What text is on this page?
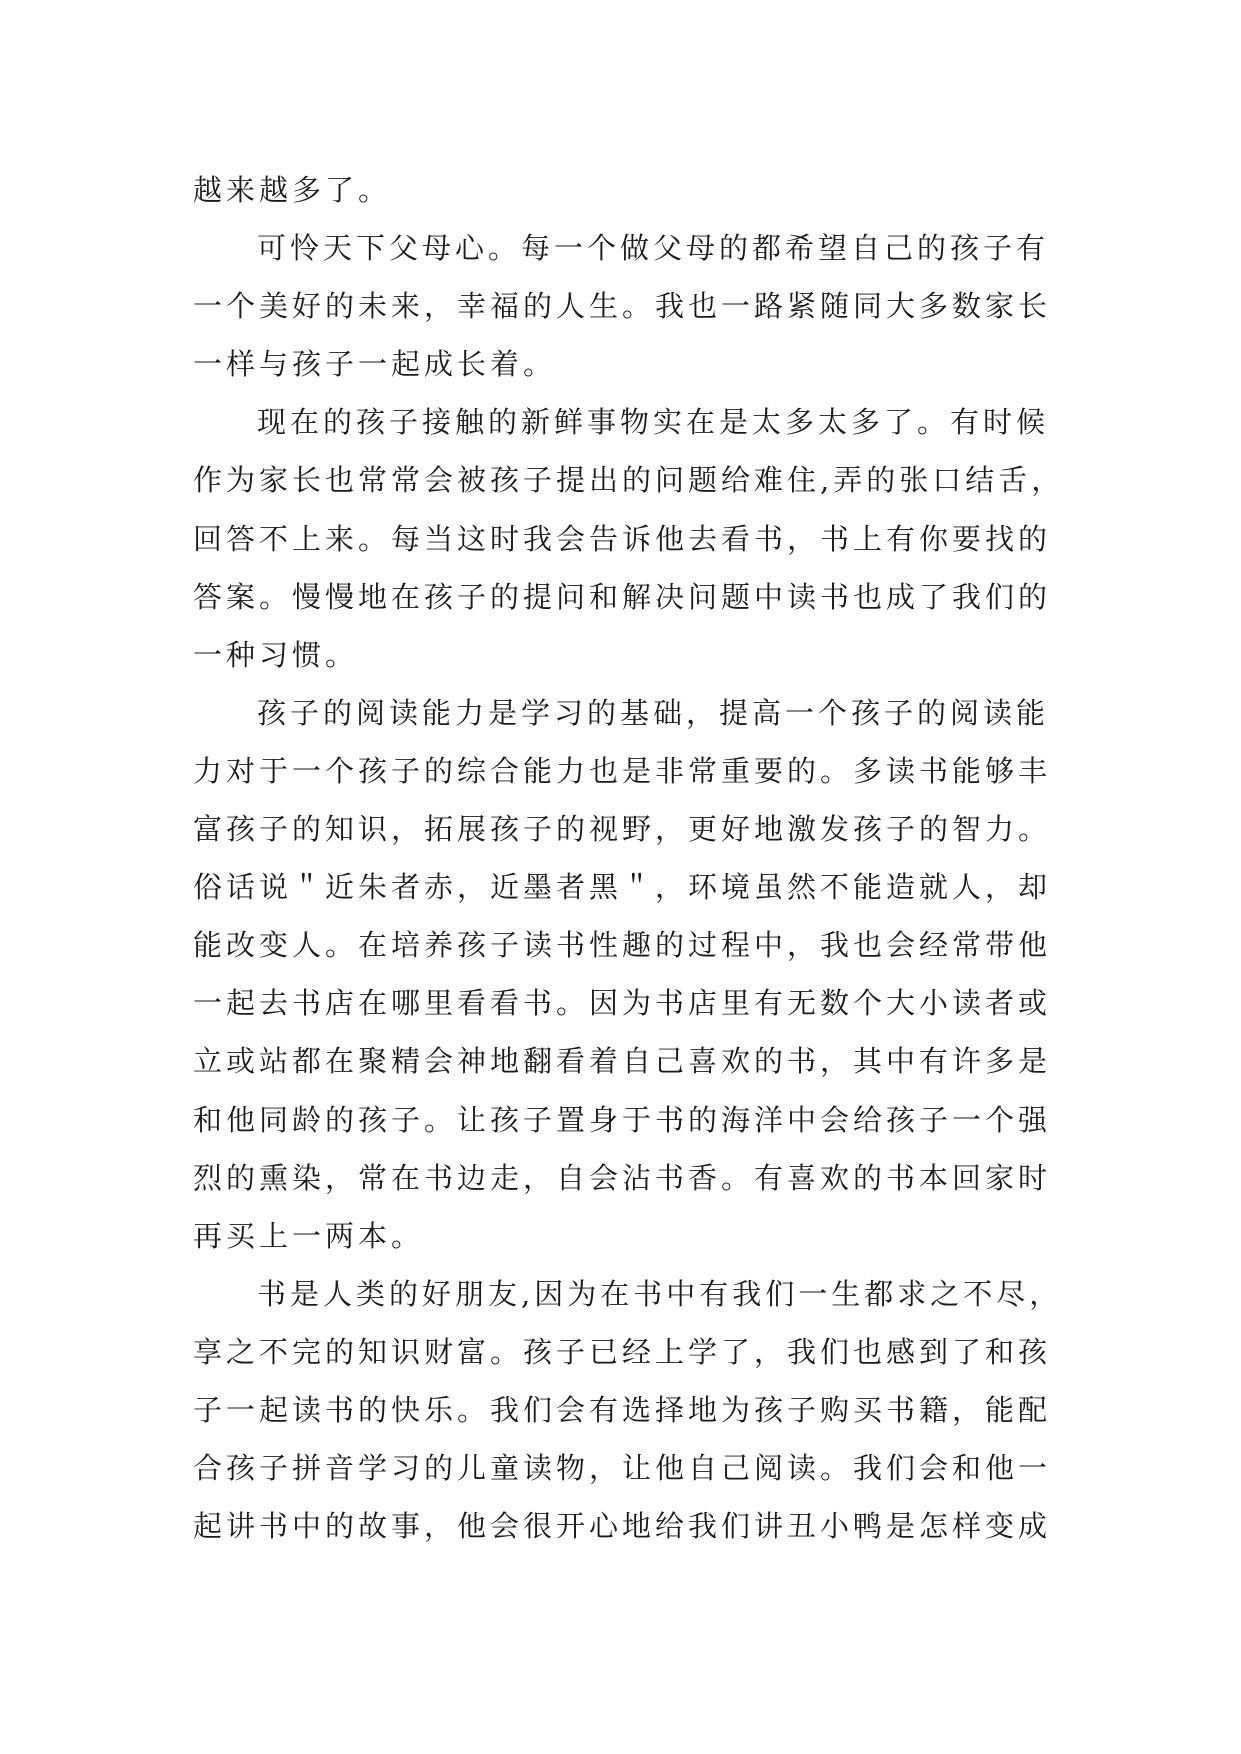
越来越多了。
可怜天下父母心。每一个做父母的都希望自己的孩子有
一个美好的未来，幸福的人生。我也一路紧随同大多数家长
一样与孩子一起成长着。
现在的孩子接触的新鲜事物实在是太多太多了。有时候
作为家长也常常会被孩子提出的问题给难住,弄的张口结舌，
回答不上来。每当这时我会告诉他去看书，书上有你要找的
答案。慢慢地在孩子的提问和解决问题中读书也成了我们的
一种习惯。
孩子的阅读能力是学习的基础，提高一个孩子的阅读能
力对于一个孩子的综合能力也是非常重要的。多读书能够丰
富孩子的知识，拓展孩子的视野，更好地激发孩子的智力。
俗话说＂近朱者赤，近墨者黑＂，环境虽然不能造就人，却
能改变人。在培养孩子读书性趣的过程中，我也会经常带他
一起去书店在哪里看看书。因为书店里有无数个大小读者或
立或站都在聚精会神地翻看着自己喜欢的书，其中有许多是
和他同龄的孩子。让孩子置身于书的海洋中会给孩子一个强
烈的熏染，常在书边走，自会沾书香。有喜欢的书本回家时
再买上一两本。
书是人类的好朋友,因为在书中有我们一生都求之不尽，
享之不完的知识财富。孩子已经上学了，我们也感到了和孩
子一起读书的快乐。我们会有选择地为孩子购买书籍，能配
合孩子拼音学习的儿童读物，让他自己阅读。我们会和他一
起讲书中的故事，他会很开心地给我们讲丑小鸭是怎样变成
